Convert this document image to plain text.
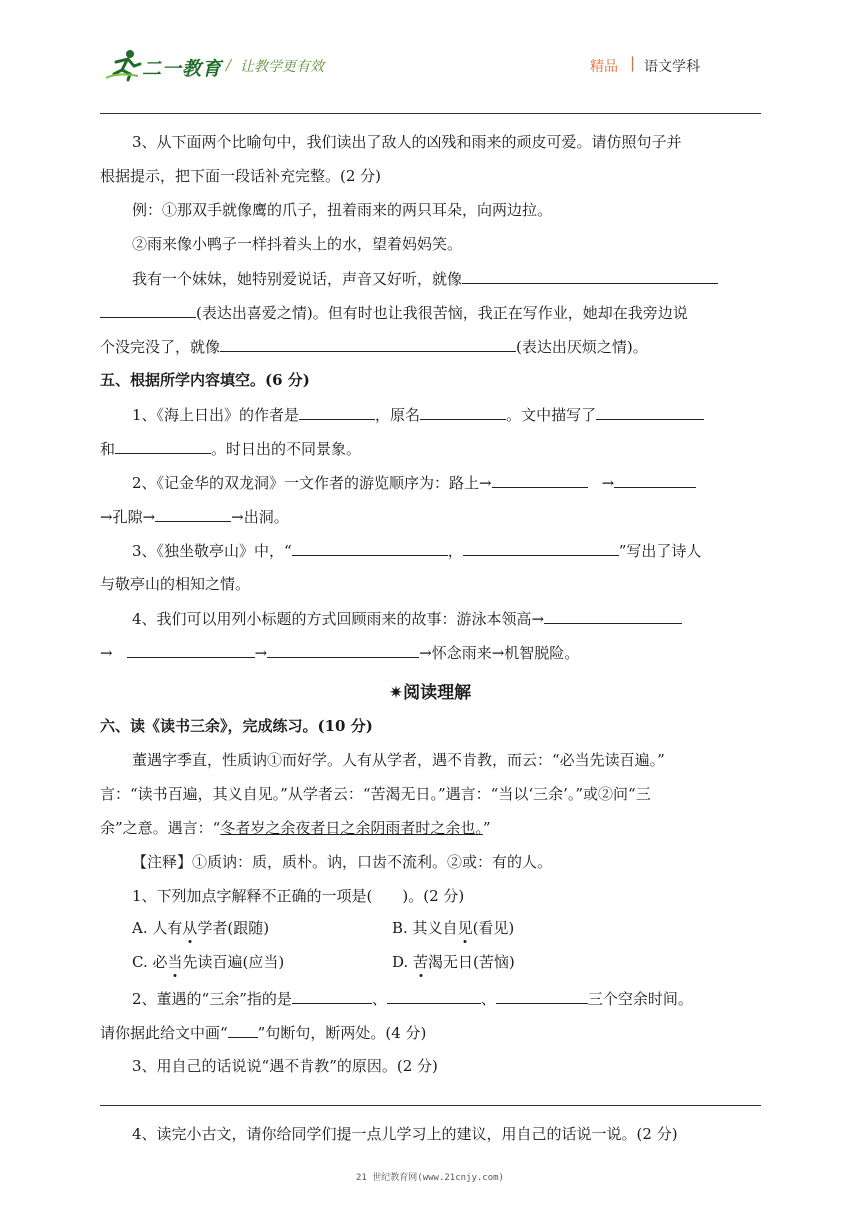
二一教育 / 让教学更有效	精品 | 语文学科
3、从下面两个比喻句中，我们读出了敌人的凶残和雨来的顽皮可爱。请仿照句子并
根据提示，把下面一段话补充完整。(2 分)
例：①那双手就像鹰的爪子，扭着雨来的两只耳朵，向两边拉。
②雨来像小鸭子一样抖着头上的水，望着妈妈笑。
我有一个妹妹，她特别爱说话，声音又好听，就像
(表达出喜爱之情)。但有时也让我很苦恼，我正在写作业，她却在我旁边说
个没完没了，就像	(表达出厌烦之情)。
五、根据所学内容填空。(6 分)
1、《海上日出》的作者是	，原名	。文中描写了
和	。时日出的不同景象。
2、《记金华的双龙洞》一文作者的游览顺序为：路上→	→
→孔隙→	→出洞。
3、《独坐敬亭山》中，“	，	”写出了诗人
与敬亭山的相知之情。
4、我们可以用列小标题的方式回顾雨来的故事：游泳本领高→
→	→	→怀念雨来→机智脱险。
✷阅读理解
六、读《读书三余》，完成练习。(10 分)
董遇字季直，性质讷①而好学。人有从学者，遇不肯教，而云：“必当先读百遍。”
言：“读书百遍，其义自见。”从学者云：“苦渴无日。”遇言：“当以‘三余’。”或②问“三
余”之意。遇言：“冬者岁之余夜者日之余阴雨者时之余也。”
【注释】①质讷：质，质朴。讷，口齿不流利。②或：有的人。
1、下列加点字解释不正确的一项是(　　)。(2 分)
A. 人有从学者(跟随)	B. 其义自见(看见)
C. 必当先读百遍(应当)	D. 苦渴无日(苦恼)
2、董遇的“三余”指的是	、	、	三个空余时间。
请你据此给文中画“ ”句断句，断两处。(4 分)
3、用自己的话说说“遇不肯教”的原因。(2 分)
4、读完小古文，请你给同学们提一点儿学习上的建议，用自己的话说一说。(2 分)
21 世纪教育网(www.21cnjy.com)
